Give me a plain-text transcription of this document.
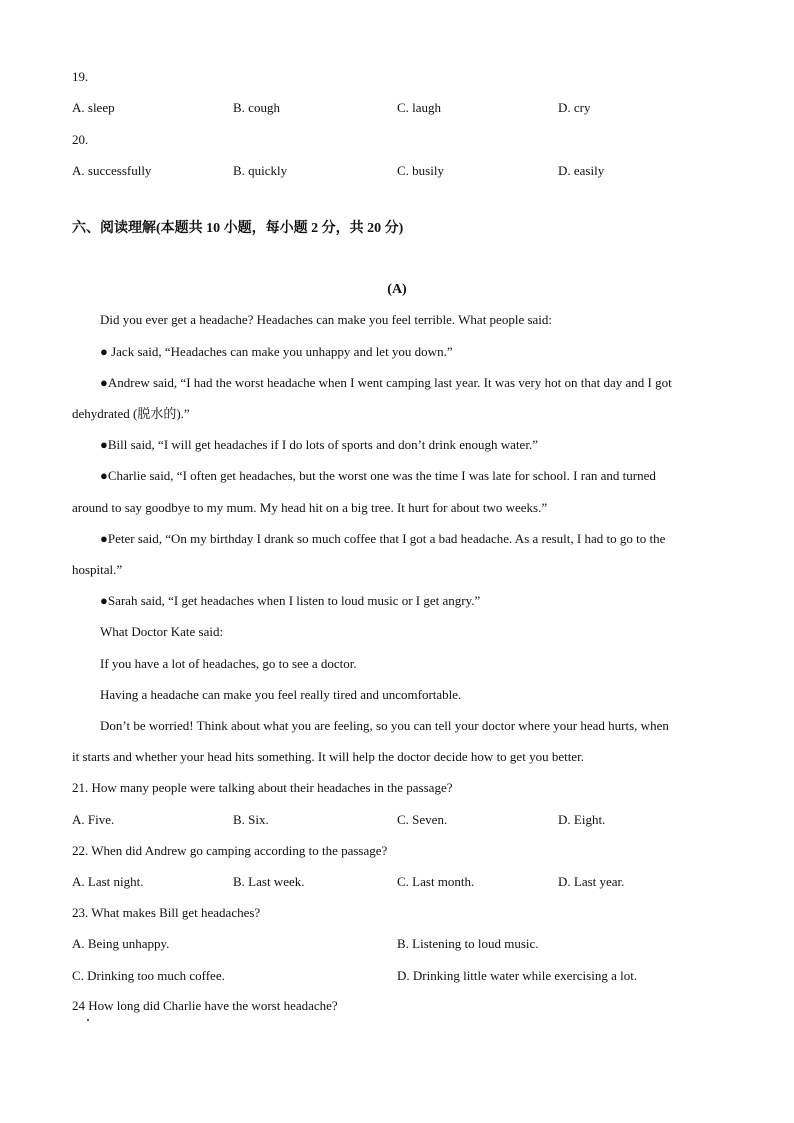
19.
A. sleep	B. cough	C. laugh	D. cry
20.
A. successfully	B. quickly	C. busily	D. easily
六、阅读理解(本题共 10 小题，每小题 2 分，共 20 分)
(A)
Did you ever get a headache? Headaches can make you feel terrible. What people said:
● Jack said, “Headaches can make you unhappy and let you down.”
●Andrew said, “I had the worst headache when I went camping last year. It was very hot on that day and I got
dehydrated (脱水的).”
●Bill said, “I will get headaches if I do lots of sports and don’t drink enough water.”
●Charlie said, “I often get headaches, but the worst one was the time I was late for school. I ran and turned
around to say goodbye to my mum. My head hit on a big tree. It hurt for about two weeks.”
●Peter said, “On my birthday I drank so much coffee that I got a bad headache. As a result, I had to go to the
hospital.”
●Sarah said, “I get headaches when I listen to loud music or I get angry.”
What Doctor Kate said:
If you have a lot of headaches, go to see a doctor.
Having a headache can make you feel really tired and uncomfortable.
Don’t be worried! Think about what you are feeling, so you can tell your doctor where your head hurts, when
it starts and whether your head hits something. It will help the doctor decide how to get you better.
21. How many people were talking about their headaches in the passage?
A. Five.	B. Six.	C. Seven.	D. Eight.
22. When did Andrew go camping according to the passage?
A. Last night.	B. Last week.	C. Last month.	D. Last year.
23. What makes Bill get headaches?
A. Being unhappy.	B. Listening to loud music.
C. Drinking too much coffee.	D. Drinking little water while exercising a lot.
24 How long did Charlie have the worst headache?
